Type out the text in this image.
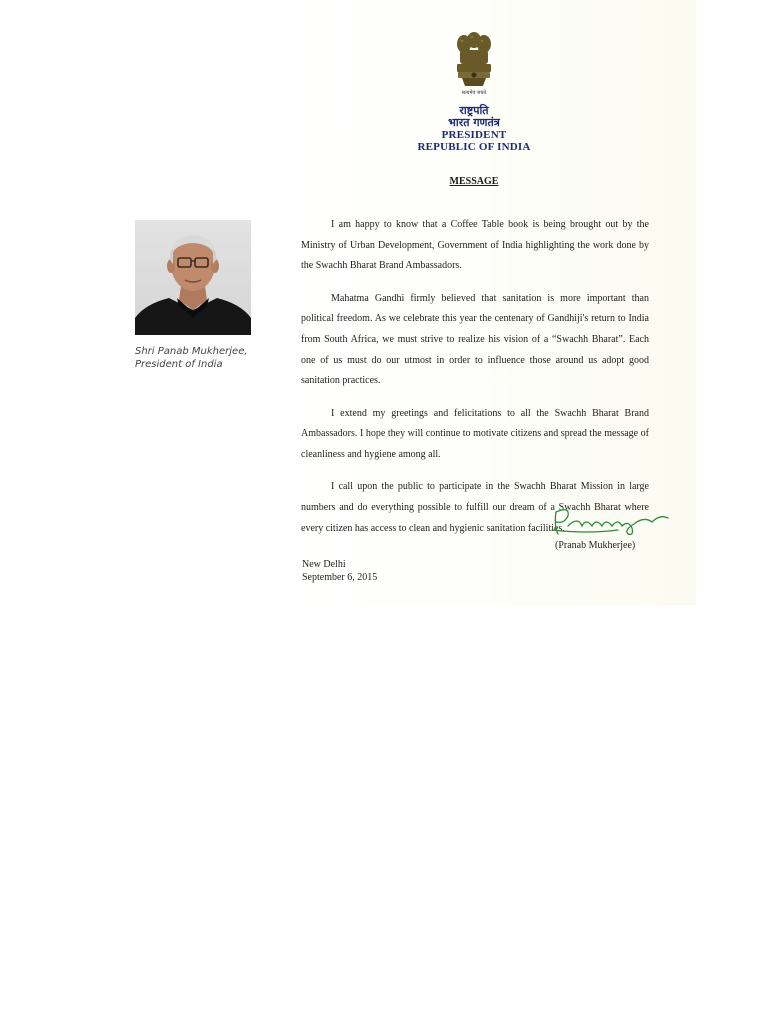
सत्यमेव जयते
राष्ट्रपति
भारत गणतंत्र
PRESIDENT
REPUBLIC OF INDIA
MESSAGE

I am happy to know that a Coffee Table book is being brought out by the Ministry of Urban Development, Government of India highlighting the work done by the Swachh Bharat Brand Ambassadors.

Mahatma Gandhi firmly believed that sanitation is more important than political freedom. As we celebrate this year the centenary of Gandhiji's return to India from South Africa, we must strive to realize his vision of a “Swachh Bharat”. Each one of us must do our utmost in order to influence those around us adopt good sanitation practices.

I extend my greetings and felicitations to all the Swachh Bharat Brand Ambassadors. I hope they will continue to motivate citizens and spread the message of cleanliness and hygiene among all.

I call upon the public to participate in the Swachh Bharat Mission in large numbers and do everything possible to fulfill our dream of a Swachh Bharat where every citizen has access to clean and hygienic sanitation facilities.

Shri Panab Mukherjee,
President of India
(Pranab Mukherjee)
New Delhi
September 6, 2015
